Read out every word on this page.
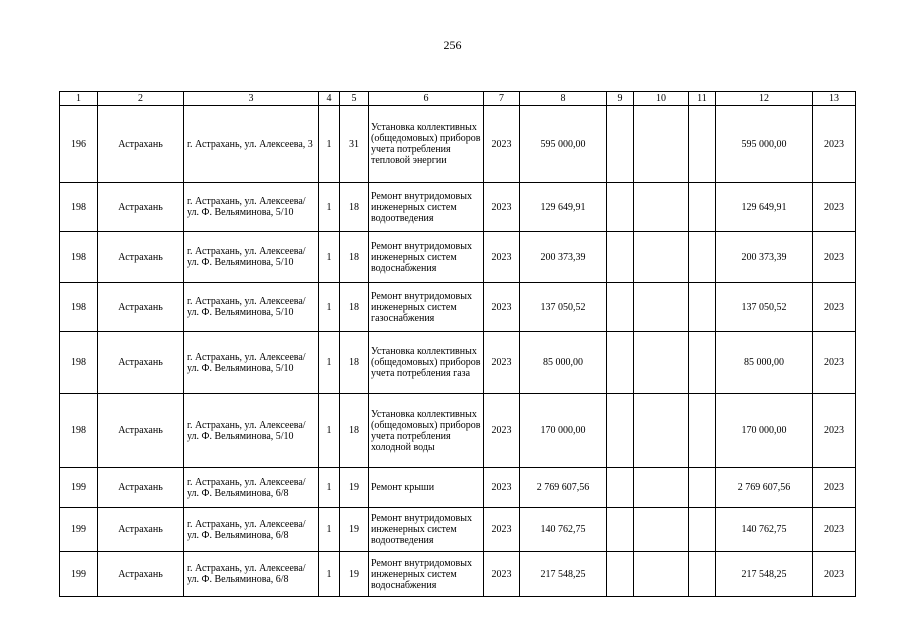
256
1	2	3	4	5	6	7	8	9	10	11	12	13
196	Астрахань	г. Астрахань, ул. Алексеева, 3	1	31	Установка коллективных (общедомовых) приборов учета потребления тепловой энергии	2023	595 000,00				595 000,00	2023
198	Астрахань	г. Астрахань, ул. Алексеева/ ул. Ф. Вельяминова, 5/10	1	18	Ремонт внутридомовых инженерных систем водоотведения	2023	129 649,91				129 649,91	2023
198	Астрахань	г. Астрахань, ул. Алексеева/ ул. Ф. Вельяминова, 5/10	1	18	Ремонт внутридомовых инженерных систем водоснабжения	2023	200 373,39				200 373,39	2023
198	Астрахань	г. Астрахань, ул. Алексеева/ ул. Ф. Вельяминова, 5/10	1	18	Ремонт внутридомовых инженерных систем газоснабжения	2023	137 050,52				137 050,52	2023
198	Астрахань	г. Астрахань, ул. Алексеева/ ул. Ф. Вельяминова, 5/10	1	18	Установка коллективных (общедомовых) приборов учета потребления газа	2023	85 000,00				85 000,00	2023
198	Астрахань	г. Астрахань, ул. Алексеева/ ул. Ф. Вельяминова, 5/10	1	18	Установка коллективных (общедомовых) приборов учета потребления холодной воды	2023	170 000,00				170 000,00	2023
199	Астрахань	г. Астрахань, ул. Алексеева/ ул. Ф. Вельяминова, 6/8	1	19	Ремонт крыши	2023	2 769 607,56				2 769 607,56	2023
199	Астрахань	г. Астрахань, ул. Алексеева/ ул. Ф. Вельяминова, 6/8	1	19	Ремонт внутридомовых инженерных систем водоотведения	2023	140 762,75				140 762,75	2023
199	Астрахань	г. Астрахань, ул. Алексеева/ ул. Ф. Вельяминова, 6/8	1	19	Ремонт внутридомовых инженерных систем водоснабжения	2023	217 548,25				217 548,25	2023
